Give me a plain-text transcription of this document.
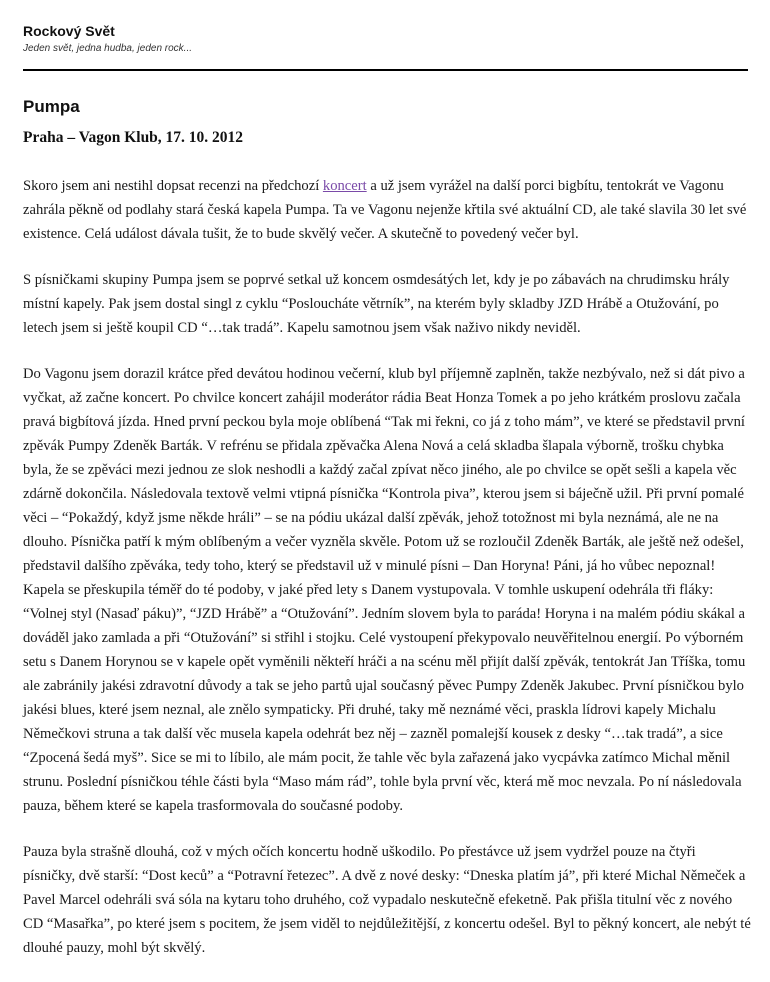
Rockový Svět

Jeden svět, jedna hudba, jeden rock...

Pumpa
Praha – Vagon Klub, 17. 10. 2012

Skoro jsem ani nestihl dopsat recenzi na předchozí koncert a už jsem vyrážel na další porci bigbítu, tentokrát ve Vagonu zahrála pěkně od podlahy stará česká kapela Pumpa. Ta ve Vagonu nejenže křtila své aktuální CD, ale také slavila 30 let své existence. Celá událost dávala tušit, že to bude skvělý večer. A skutečně to povedený večer byl.

S písničkami skupiny Pumpa jsem se poprvé setkal už koncem osmdesátých let, kdy je po zábavách na chrudimsku hrály místní kapely. Pak jsem dostal singl z cyklu “Posloucháte větrník”, na kterém byly skladby JZD Hrábě a Otužování, po letech jsem si ještě koupil CD “…tak tradá”. Kapelu samotnou jsem však naživo nikdy neviděl.

Do Vagonu jsem dorazil krátce před devátou hodinou večerní, klub byl příjemně zaplněn, takže nezbývalo, než si dát pivo a vyčkat, až začne koncert. Po chvilce koncert zahájil moderátor rádia Beat Honza Tomek a po jeho krátkém proslovu začala pravá bigbítová jízda. Hned první peckou byla moje oblíbená “Tak mi řekni, co já z toho mám”, ve které se představil první zpěvák Pumpy Zdeněk Barták. V refrénu se přidala zpěvačka Alena Nová a celá skladba šlapala výborně, trošku chybka byla, že se zpěváci mezi jednou ze slok neshodli a každý začal zpívat něco jiného, ale po chvilce se opět sešli a kapela věc zdárně dokončila. Následovala textově velmi vtipná písnička “Kontrola piva”, kterou jsem si báječně užil. Při první pomalé věci – “Pokaždý, když jsme někde hráli” – se na pódiu ukázal další zpěvák, jehož totožnost mi byla neznámá, ale ne na dlouho. Písnička patří k mým oblíbeným a večer vyzněla skvěle. Potom už se rozloučil Zdeněk Barták, ale ještě než odešel, představil dalšího zpěváka, tedy toho, který se představil už v minulé písni – Dan Horyna! Páni, já ho vůbec nepoznal! Kapela se přeskupila téměř do té podoby, v jaké před lety s Danem vystupovala. V tomhle uskupení odehrála tři fláky: “Volnej styl (Nasaď páku)”, “JZD Hrábě” a “Otužování”. Jedním slovem byla to paráda! Horyna i na malém pódiu skákal a dováděl jako zamlada a při “Otužování” si střihl i stojku. Celé vystoupení překypovalo neuvěřitelnou energií. Po výborném setu s Danem Horynou se v kapele opět vyměnili někteří hráči a na scénu měl přijít další zpěvák, tentokrát Jan Tříška, tomu ale zabránily jakési zdravotní důvody a tak se jeho partů ujal současný pěvec Pumpy Zdeněk Jakubec. První písničkou bylo jakési blues, které jsem neznal, ale znělo sympaticky. Při druhé, taky mě neznámé věci, praskla lídrovi kapely Michalu Němečkovi struna a tak další věc musela kapela odehrát bez něj – zazněl pomalejší kousek z desky “…tak tradá”, a sice “Zpocená šedá myš”. Sice se mi to líbilo, ale mám pocit, že tahle věc byla zařazená jako vycpávka zatímco Michal měnil strunu. Poslední písničkou téhle části byla “Maso mám rád”, tohle byla první věc, která mě moc nevzala. Po ní následovala pauza, během které se kapela trasformovala do současné podoby.

Pauza byla strašně dlouhá, což v mých očích koncertu hodně uškodilo. Po přestávce už jsem vydržel pouze na čtyři písničky, dvě starší: “Dost keců” a “Potravní řetezec”. A dvě z nové desky: “Dneska platím já”, při které Michal Němeček a Pavel Marcel odehráli svá sóla na kytaru toho druhého, což vypadalo neskutečně efeketně. Pak přišla titulní věc z nového CD “Masařka”, po které jsem s pocitem, že jsem viděl to nejdůležitější, z koncertu odešel. Byl to pěkný koncert, ale nebýt té dlouhé pauzy, mohl být skvělý.
